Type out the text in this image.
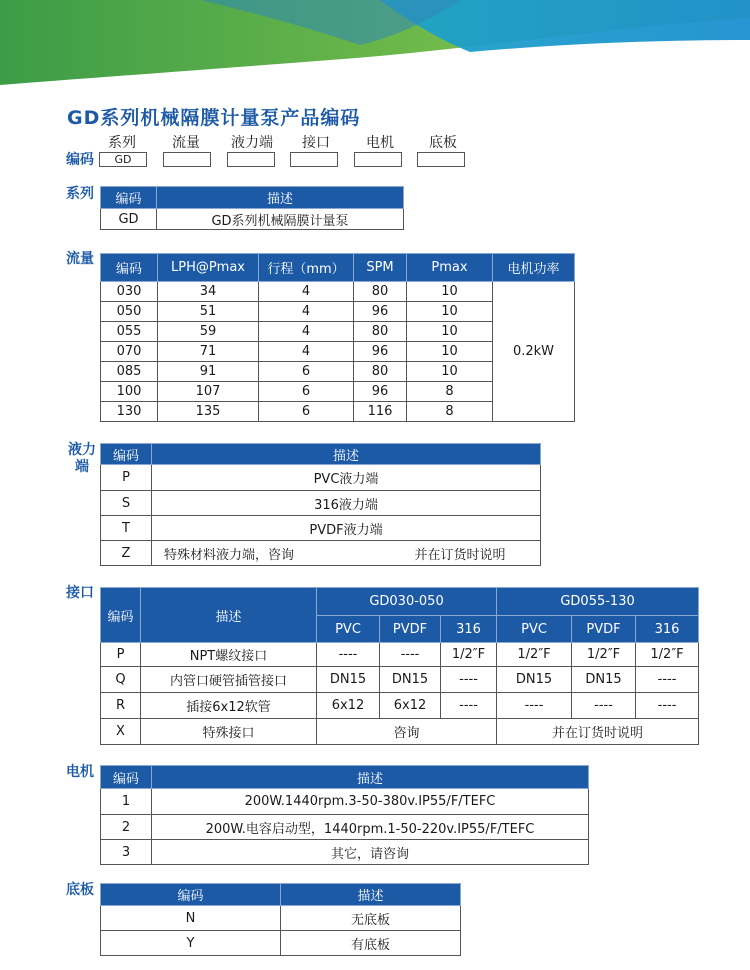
GD系列机械隔膜计量泵产品编码
系列	流量	液力端	接口	电机	底板
编码	GD
系列 编码	描述
GD	GD系列机械隔膜计量泵
流量
编码	LPH@Pmax	行程（mm）	SPM	Pmax	电机功率
030	34	4	80	10	0.2kW
050	51	4	96	10	
055	59	4	80	10	
070	71	4	96	10	
085	91	6	80	10	
100	107	6	96	8	
130	135	6	116	8	
液力端
编码	描述
P	PVC液力端
S	316液力端
T	PVDF液力端
Z	特殊材料液力端，咨询 并在订货时说明
接口
编码	描述	GD030-050			GD055-130		
		PVC	PVDF	316	PVC	PVDF	316
P	NPT螺纹接口	----	----	1/2″F	1/2″F	1/2″F	1/2″F
Q	内管口硬管插管接口	DN15	DN15	----	DN15	DN15	----
R	插接6x12软管	6x12	6x12	----	----	----	----
X	特殊接口	咨询			并在订货时说明		
电机 编码	描述
1	200W.1440rpm.3-50-380v.IP55/F/TEFC
2	200W.电容启动型，1440rpm.1-50-220v.IP55/F/TEFC
3	其它，请咨询
底板	编码	描述
N	无底板
Y	有底板
